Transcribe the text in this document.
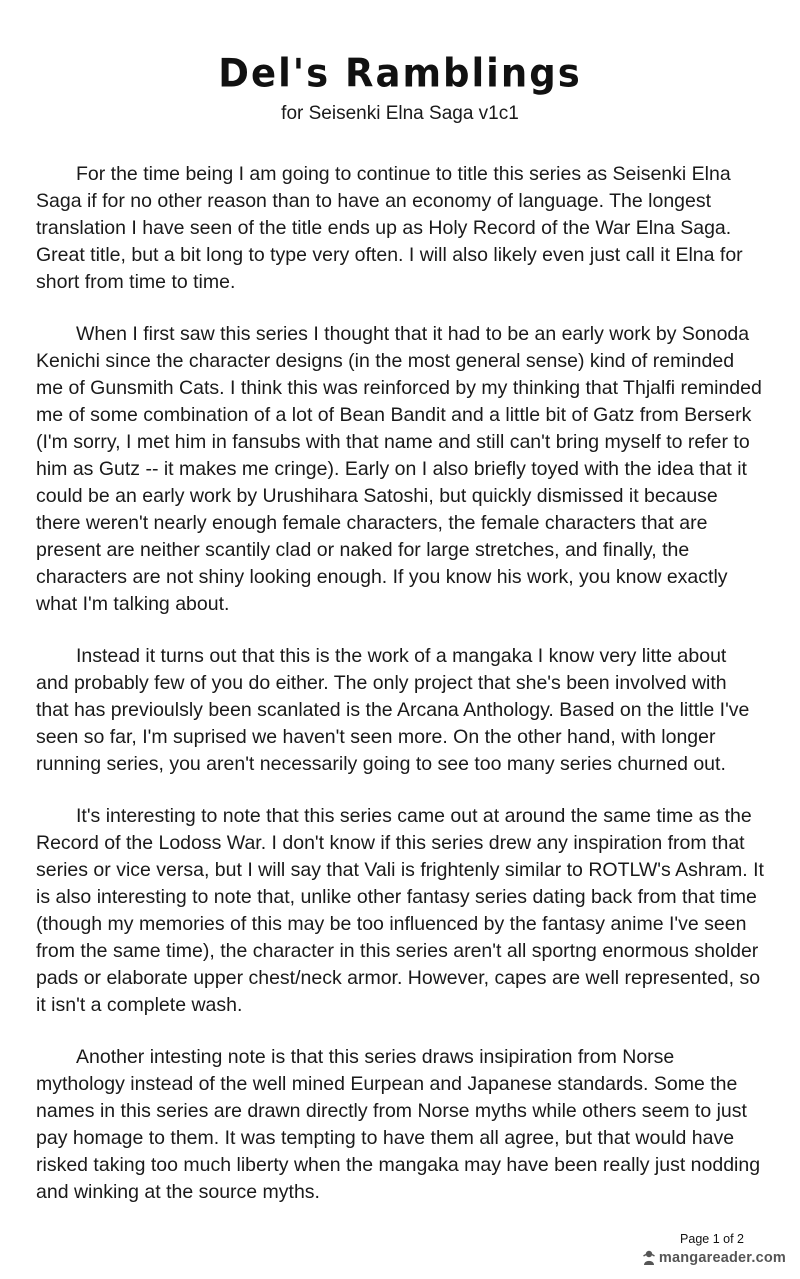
Del's Ramblings
for Seisenki Elna Saga v1c1

For the time being I am going to continue to title this series as Seisenki Elna Saga if for no other reason than to have an economy of language. The longest translation I have seen of the title ends up as Holy Record of the War Elna Saga. Great title, but a bit long to type very often. I will also likely even just call it Elna for short from time to time.

When I first saw this series I thought that it had to be an early work by Sonoda Kenichi since the character designs (in the most general sense) kind of reminded me of Gunsmith Cats. I think this was reinforced by my thinking that Thjalfi reminded me of some combination of a lot of Bean Bandit and a little bit of Gatz from Berserk (I'm sorry, I met him in fansubs with that name and still can't bring myself to refer to him as Gutz -- it makes me cringe). Early on I also briefly toyed with the idea that it could be an early work by Urushihara Satoshi, but quickly dismissed it because there weren't nearly enough female characters, the female characters that are present are neither scantily clad or naked for large stretches, and finally, the characters are not shiny looking enough. If you know his work, you know exactly what I'm talking about.

Instead it turns out that this is the work of a mangaka I know very litte about and probably few of you do either. The only project that she's been involved with that has previoulsly been scanlated is the Arcana Anthology. Based on the little I've seen so far, I'm suprised we haven't seen more. On the other hand, with longer running series, you aren't necessarily going to see too many series churned out.

It's interesting to note that this series came out at around the same time as the Record of the Lodoss War. I don't know if this series drew any inspiration from that series or vice versa, but I will say that Vali is frightenly similar to ROTLW's Ashram. It is also interesting to note that, unlike other fantasy series dating back from that time (though my memories of this may be too influenced by the fantasy anime I've seen from the same time), the character in this series aren't all sportng enormous sholder pads or elaborate upper chest/neck armor. However, capes are well represented, so it isn't a complete wash.

Another intesting note is that this series draws insipiration from Norse mythology instead of the well mined Eurpean and Japanese standards. Some the names in this series are drawn directly from Norse myths while others seem to just pay homage to them. It was tempting to have them all agree, but that would have risked taking too much liberty when the mangaka may have been really just nodding and winking at the source myths.

Page 1 of 2
mangareader.com
